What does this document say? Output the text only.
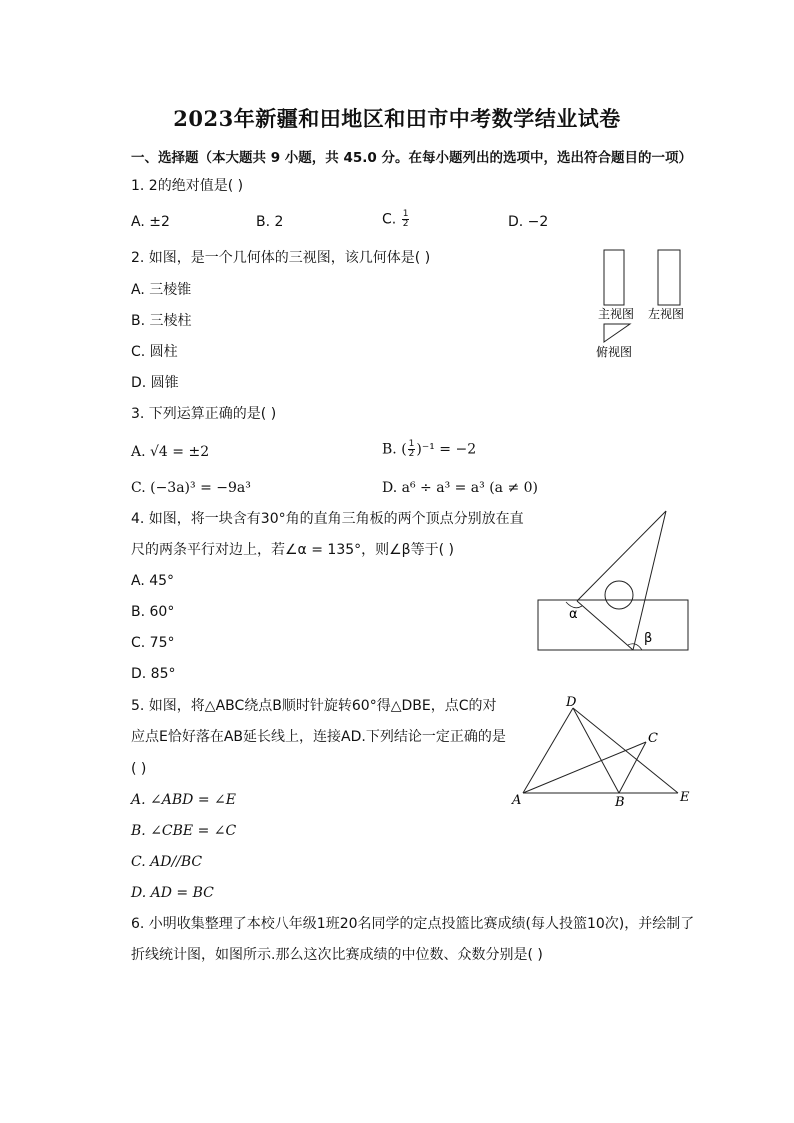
2023年新疆和田地区和田市中考数学结业试卷
一、选择题（本大题共 9 小题，共 45.0 分。在每小题列出的选项中，选出符合题目的一项）
1. 2的绝对值是( )
A. ±2	B. 2	C. $\frac{1}{2}$	D. −2
2. 如图，是一个几何体的三视图，该几何体是( )
A. 三棱锥
B. 三棱柱
C. 圆柱
D. 圆锥
主视图 左视图
俯视图
3. 下列运算正确的是( )
A. √4 = ±2	B. ( $\frac{1}{2} )^{-1} = -2$
C. (−3a)³ = −9a³	D. a⁶ ÷ a³ = a³ (a ≠ 0)
4. 如图，将一块含有30°角的直角三角板的两个顶点分别放在直
尺的两条平行对边上，若∠α = 135°，则∠β等于( )
A. 45°
B. 60°
C. 75°
D. 85°
α
β
5. 如图，将△ABC绕点B顺时针旋转60°得△DBE，点C的对
应点E恰好落在AB延长线上，连接AD.下列结论一定正确的是
( )
A. ∠ABD = ∠E
B. ∠CBE = ∠C
C. AD//BC
D. AD = BC
D
C
A	B	E
6. 小明收集整理了本校八年级1班20名同学的定点投篮比赛成绩(每人投篮10次)，并绘制了
折线统计图，如图所示.那么这次比赛成绩的中位数、众数分别是( )
